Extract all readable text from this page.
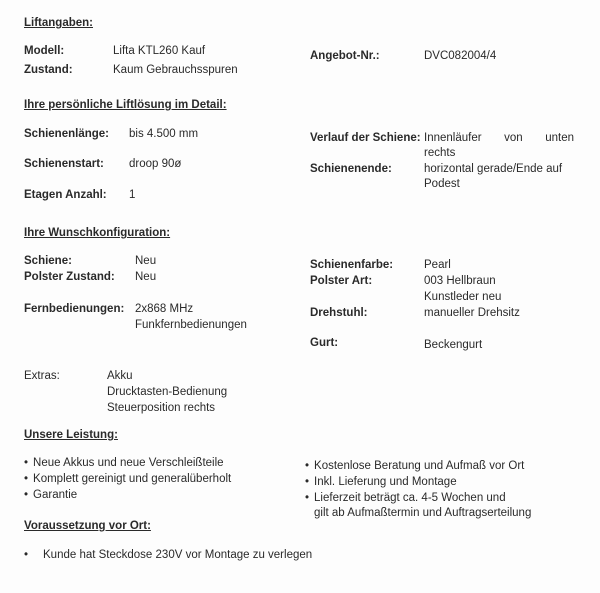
Liftangaben:
Modell:	Lifta KTL260 Kauf
Zustand:	Kaum Gebrauchsspuren
Angebot-Nr.:	DVC082004/4
Ihre persönliche Liftlösung im Detail:
Schienenlänge: bis 4.500 mm
Schienenstart: droop 90ø
Etagen Anzahl: 1
Verlauf der Schiene: Innenläufer von unten
rechts
Schienenende:	horizontal gerade/Ende auf
Podest
Ihre Wunschkonfiguration:
Schiene:	Neu
Polster Zustand: Neu
Fernbedienungen: 2x868 MHz
Funkfernbedienungen
Schienenfarbe:	Pearl
Polster Art:	003 Hellbraun
Kunstleder neu
Drehstuhl:	manueller Drehsitz
Gurt:	Beckengurt
Extras:	Akku
Drucktasten-Bedienung
Steuerposition rechts
Unsere Leistung:
• Neue Akkus und neue Verschleißteile
• Komplett gereinigt und generalüberholt
• Garantie
• Kostenlose Beratung und Aufmaß vor Ort
• Inkl. Lieferung und Montage
• Lieferzeit beträgt ca. 4-5 Wochen und
gilt ab Aufmaßtermin und Auftragserteilung
Voraussetzung vor Ort:
• Kunde hat Steckdose 230V vor Montage zu verlegen
